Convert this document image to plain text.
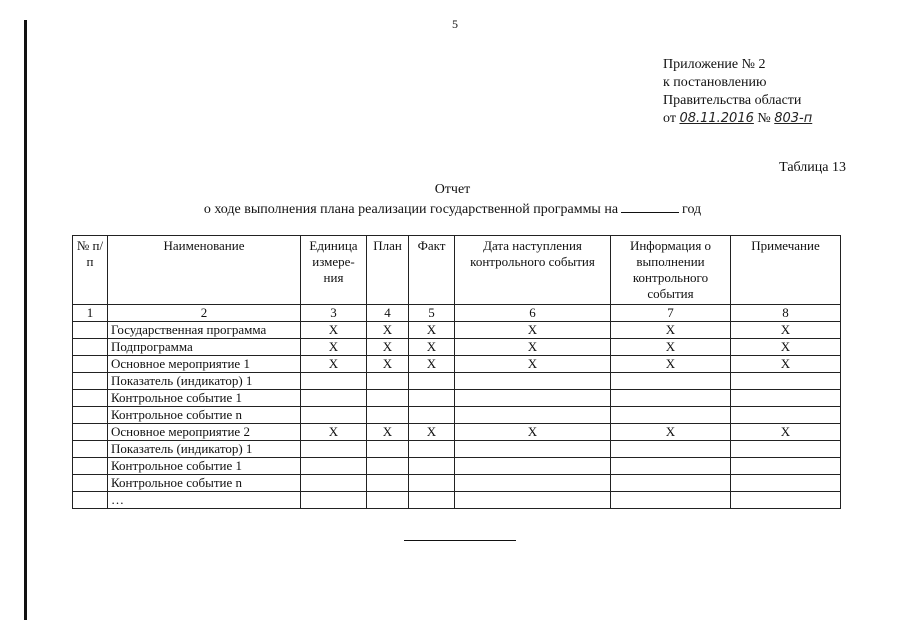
5
Приложение № 2
к постановлению
Правительства области
от 08.11.2016 № 803-п
Таблица 13
Отчет
о ходе выполнения плана реализации государственной программы на	год
№ п/п	Наименование	Единица измере-ния	План	Факт	Дата наступления контрольного события	Информация о выполнении контрольного события	Примечание
1	2	3	4	5	6	7	8
	Государственная программа	Х	Х	Х	Х	Х	Х
	Подпрограмма	Х	Х	Х	Х	Х	Х
	Основное мероприятие 1	Х	Х	Х	Х	Х	Х
	Показатель (индикатор) 1						
	Контрольное событие 1						
	Контрольное событие n						
	Основное мероприятие 2	Х	Х	Х	Х	Х	Х
	Показатель (индикатор) 1						
	Контрольное событие 1						
	Контрольное событие n						
	…						
